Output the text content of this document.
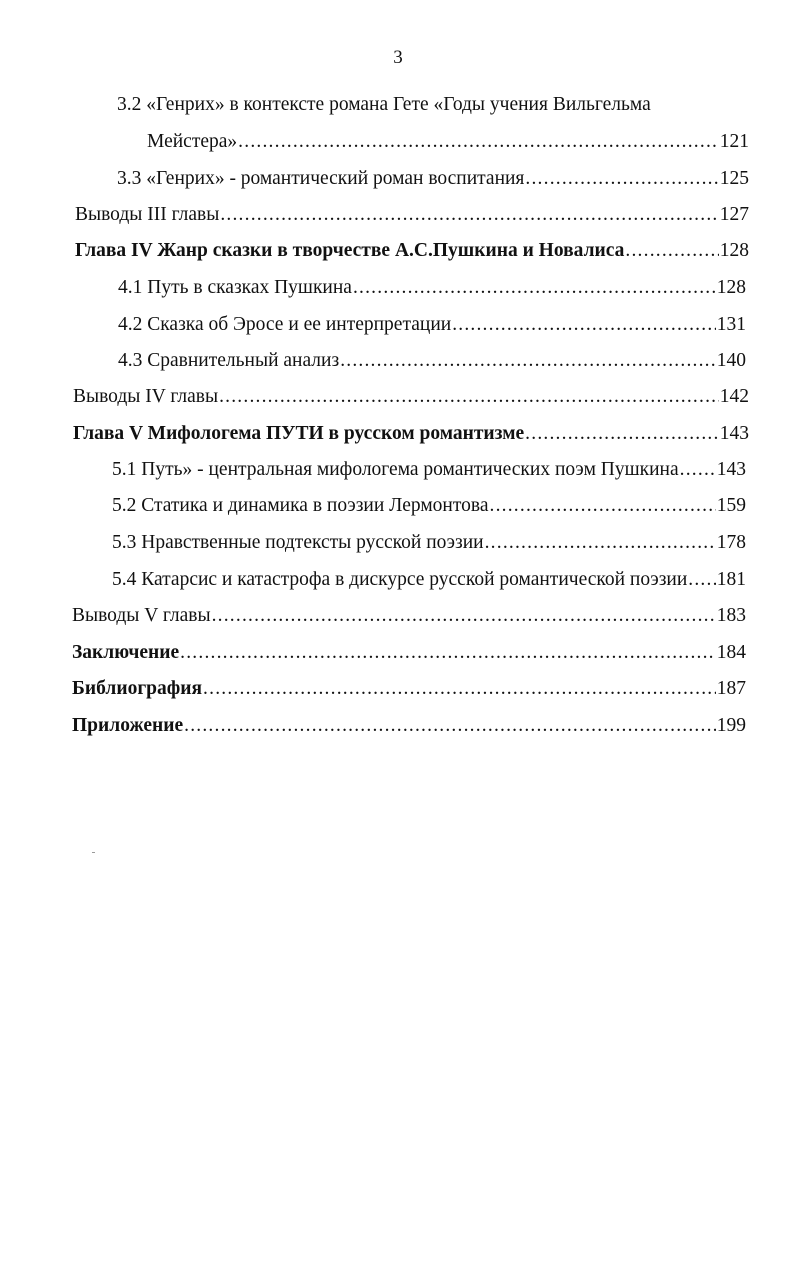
3
3.2 «Генрих» в контексте романа Гете «Годы учения Вильгельма
Мейстера» .....	121
3.3 «Генрих» - романтический роман воспитания .....	125
Выводы III главы .....	127
Глава IV Жанр сказки в творчестве А.С.Пушкина и Новалиса .....	128
4.1 Путь в сказках Пушкина .....	128
4.2 Сказка об Эросе и ее интерпретации .....	131
4.3 Сравнительный анализ .....	140
Выводы IV главы .....	142
Глава V Мифологема ПУТИ в русском романтизме .....	143
5.1 Путь» - центральная мифологема романтических поэм Пушкина ..... 143
5.2 Статика и динамика в поэзии Лермонтова .....	159
5.3 Нравственные подтексты русской поэзии .....	178
5.4 Катарсис и катастрофа в дискурсе русской романтической поэзии ..... 181
Выводы V главы .....	183
Заключение .....	184
Библиография .....	187
Приложение .....	199
